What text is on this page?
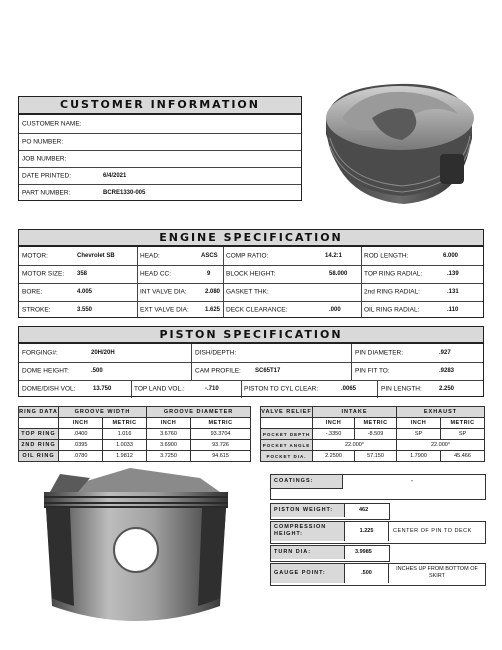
CUSTOMER INFORMATION
CUSTOMER NAME:
PO NUMBER:
JOB NUMBER:
DATE PRINTED:	6/4/2021
PART NUMBER:	BCRE1330-005
ENGINE SPECIFICATION
MOTOR:	Chevrolet SB	HEAD:	ASCS COMP RATIO:	14.2:1	ROD LENGTH:	6.000
MOTOR SIZE: 358	HEAD CC:	9 BLOCK HEIGHT:	58.000	TOP RING RADIAL:	.139
BORE:	4.005	INT VALVE DIA:	2.080 GASKET THK:	2nd RING RADIAL:	.131
STROKE:	3.550	EXT VALVE DIA:	1.625 DECK CLEARANCE:	.000	OIL RING RADIAL:	.110
PISTON SPECIFICATION
FORGING#:	20H/20H	DISH/DEPTH:	PIN DIAMETER:	.927
DOME HEIGHT:	.500	CAM PROFILE: SC65T17	PIN FIT TO:	.9283
DOME/DISH VOL:	13.750	TOP LAND VOL.:	-.710	PISTON TO CYL CLEAR:	.0065	PIN LENGTH:	2.250
RING DATA	GROOVE WIDTH		GROOVE DIAMETER	
	INCH	METRIC	INCH	METRIC
TOP RING	.0400	1.016	3.6760	93.3704
2ND RING	.0395	1.0033	3.6900	93.726
OIL RING	.0780	1.9812	3.7250	94.615
VALVE RELIEF	INTAKE		EXHAUST	
	INCH	METRIC	INCH	METRIC
POCKET DEPTH	-.3350	-8.509	SP	SP
POCKET ANGLE	22.000°		22.000°	
POCKET DIA.	2.2500	57.150	1.7900	45.466
COATINGS:	-
PISTON WEIGHT:	462
COMPRESSION HEIGHT:	1.225	CENTER OF PIN TO DECK
TURN DIA:	3.9985
GAUGE POINT:	.500
INCHES UP FROM BOTTOM OF SKIRT
